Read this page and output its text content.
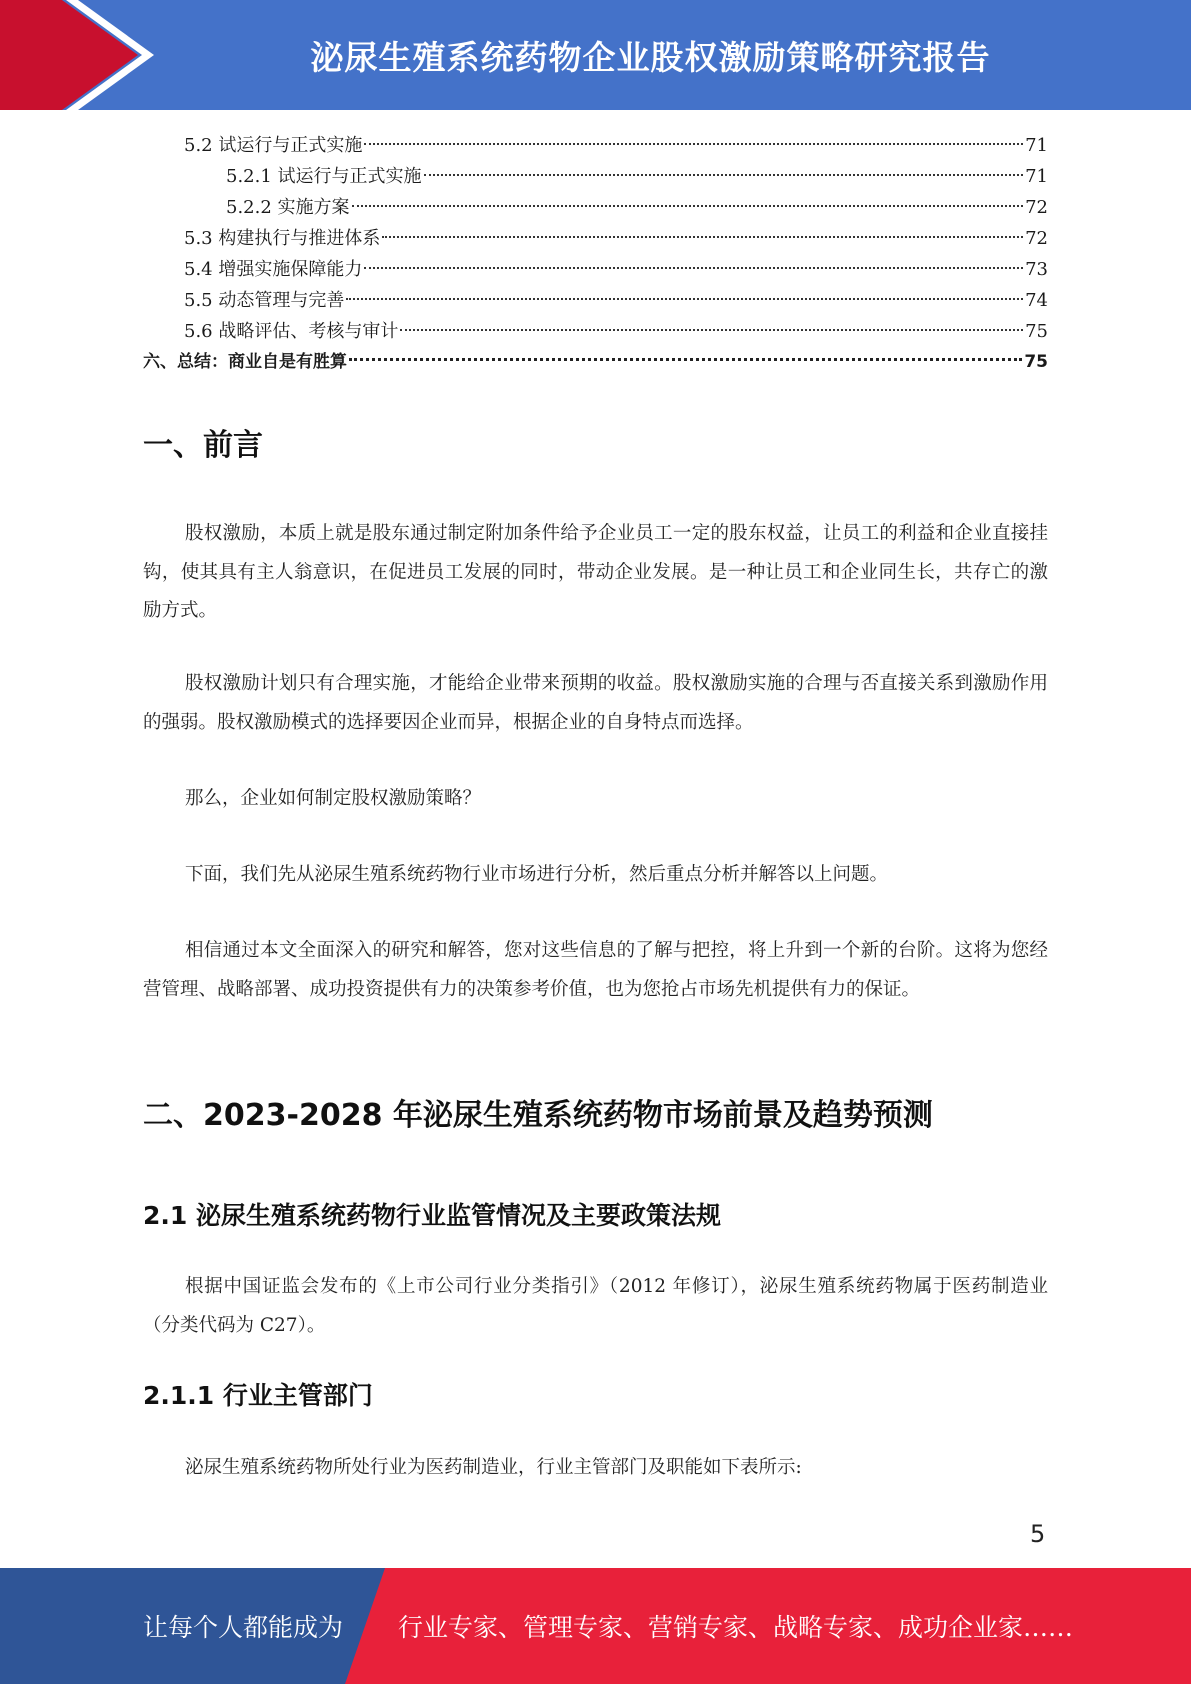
泌尿生殖系统药物企业股权激励策略研究报告
5.2 试运行与正式实施	71
5.2.1 试运行与正式实施	71
5.2.2 实施方案	72
5.3 构建执行与推进体系	72
5.4 增强实施保障能力	73
5.5 动态管理与完善	74
5.6 战略评估、考核与审计	75
六、总结：商业自是有胜算	75
一、前言

股权激励，本质上就是股东通过制定附加条件给予企业员工一定的股东权益，让员工的利益和企业直接挂钩，使其具有主人翁意识，在促进员工发展的同时，带动企业发展。是一种让员工和企业同生长，共存亡的激励方式。

股权激励计划只有合理实施，才能给企业带来预期的收益。股权激励实施的合理与否直接关系到激励作用的强弱。股权激励模式的选择要因企业而异，根据企业的自身特点而选择。

那么，企业如何制定股权激励策略？

下面，我们先从泌尿生殖系统药物行业市场进行分析，然后重点分析并解答以上问题。

相信通过本文全面深入的研究和解答，您对这些信息的了解与把控，将上升到一个新的台阶。这将为您经营管理、战略部署、成功投资提供有力的决策参考价值，也为您抢占市场先机提供有力的保证。

二、2023-2028 年泌尿生殖系统药物市场前景及趋势预测
2.1 泌尿生殖系统药物行业监管情况及主要政策法规

根据中国证监会发布的《上市公司行业分类指引》（2012 年修订），泌尿生殖系统药物属于医药制造业（分类代码为 C27）。

2.1.1 行业主管部门

泌尿生殖系统药物所处行业为医药制造业，行业主管部门及职能如下表所示:

5
让每个人都能成为 行业专家、管理专家、营销专家、战略专家、成功企业家……
